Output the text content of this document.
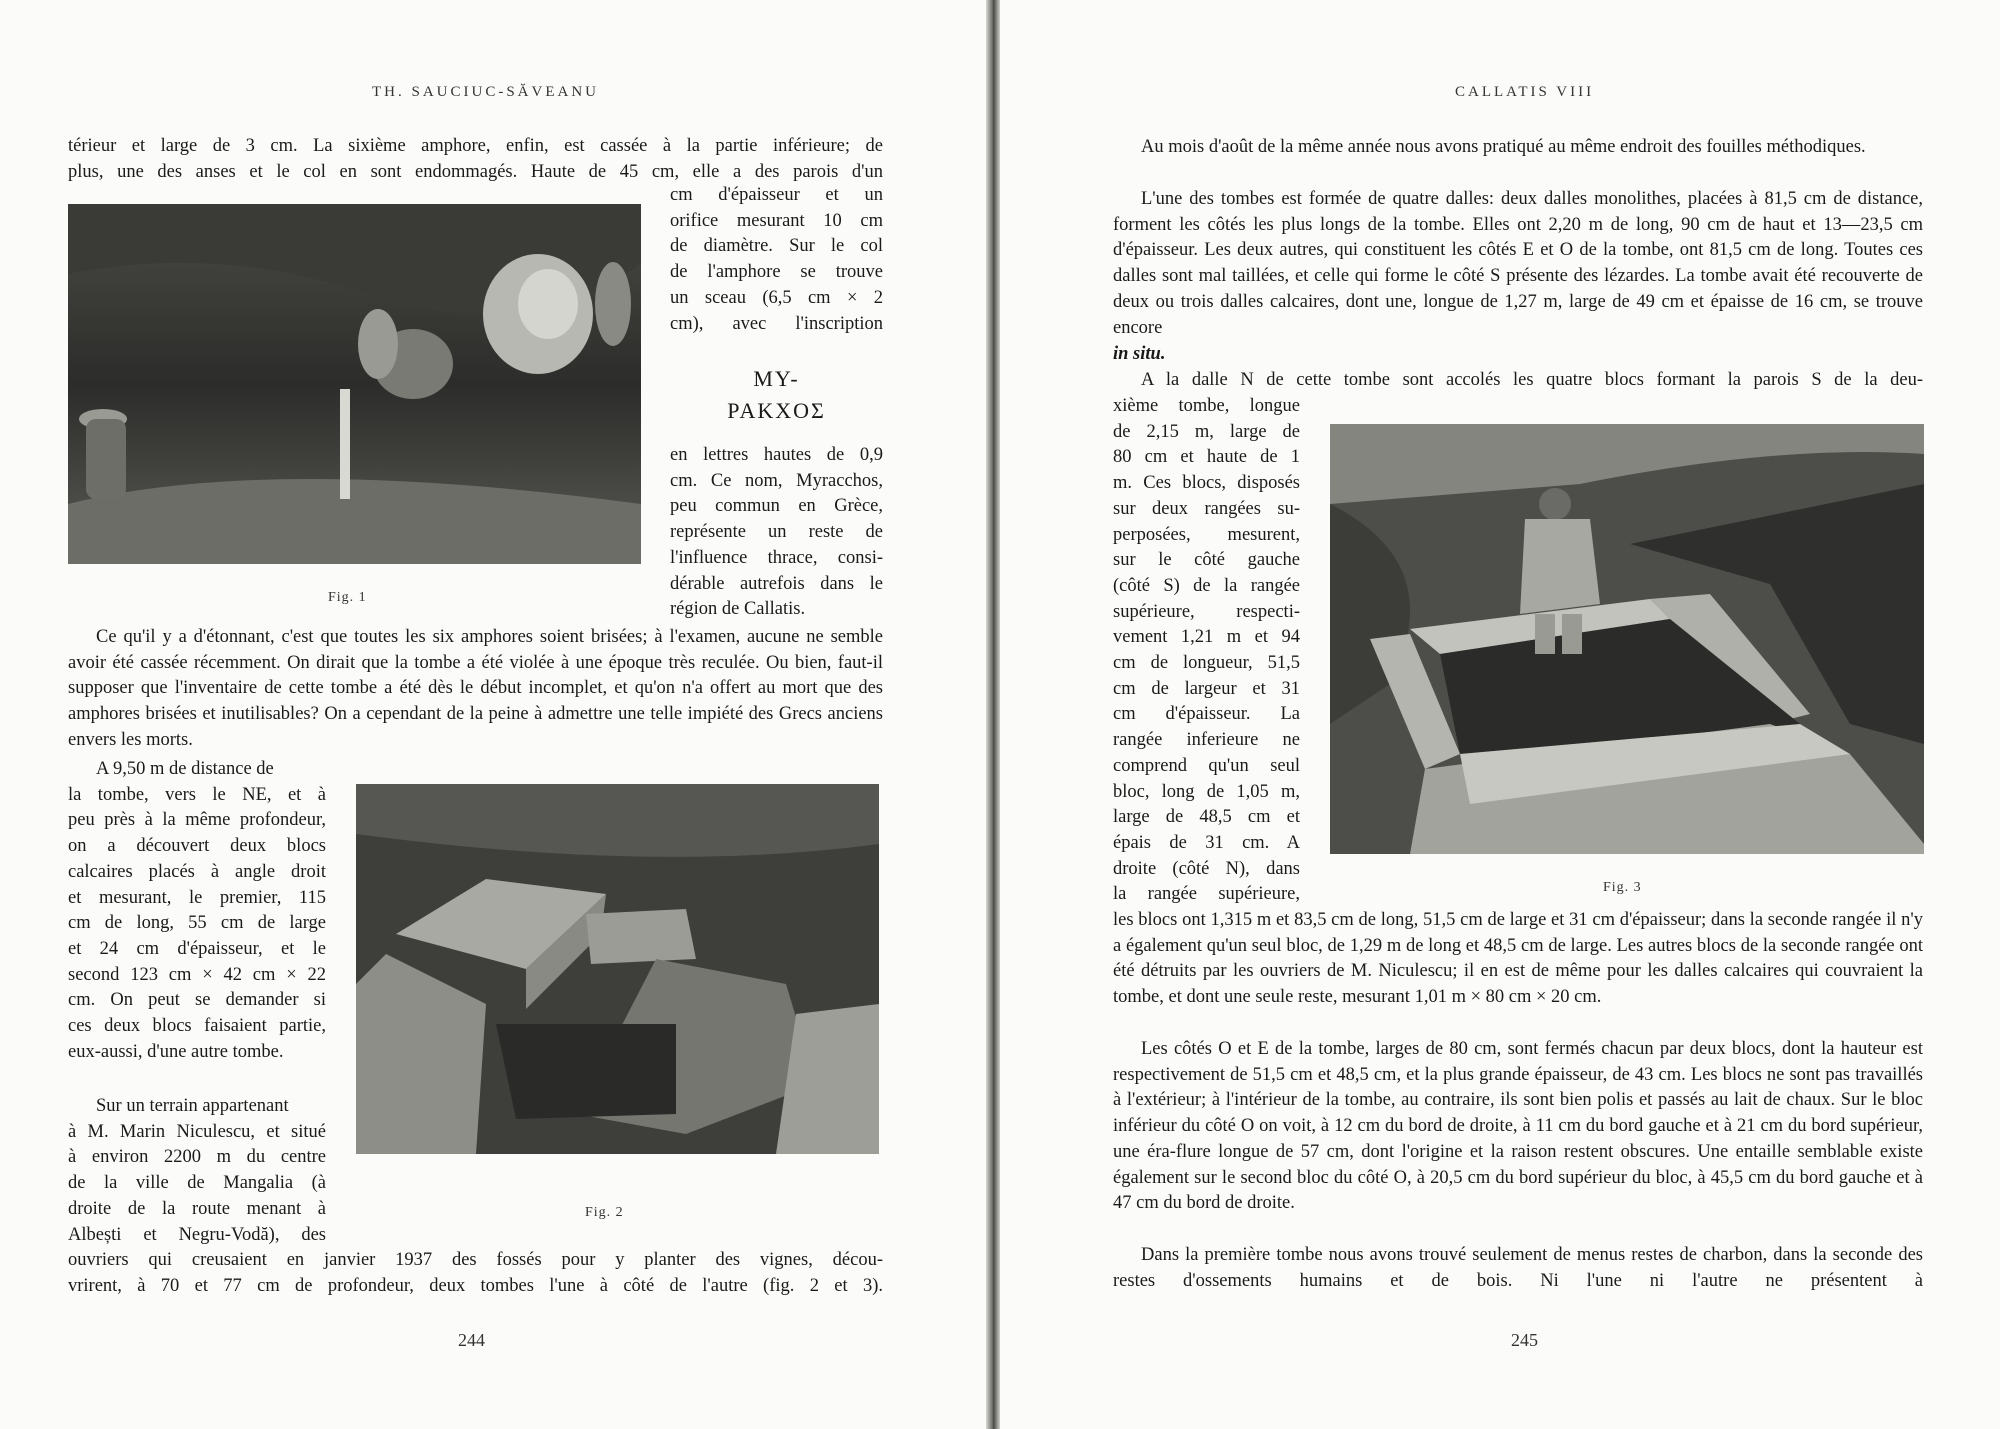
TH. SAUCIUC-SĂVEANU
térieur et large de 3 cm. La sixième amphore, enfin, est cassée à la partie inférieure; de
plus, une des anses et le col en sont endommagés. Haute de 45 cm, elle a des parois d'un
cm d'épaisseur et un
orifice mesurant 10 cm
de diamètre. Sur le col
de l'amphore se trouve
un sceau (6,5 cm × 2
cm), avec l'inscription
ΜΥ-
ΡΑΚΧΟΣ
en lettres hautes de 0,9
cm. Ce nom, Myracchos,
peu commun en Grèce,
représente un reste de
l'influence thrace, consi-
dérable autrefois dans le
région de Callatis.
Fig. 1

Ce qu'il y a d'étonnant, c'est que toutes les six amphores soient brisées; à l'examen, aucune ne semble avoir été cassée récemment. On dirait que la tombe a été violée à une époque très reculée. Ou bien, faut-il supposer que l'inventaire de cette tombe a été dès le début incomplet, et qu'on n'a offert au mort que des amphores brisées et inutilisables? On a cependant de la peine à admettre une telle impiété des Grecs anciens envers les morts.

A 9,50 m de distance de
la tombe, vers le NE, et à
peu près à la même profondeur,
on a découvert deux blocs
calcaires placés à angle droit
et mesurant, le premier, 115
cm de long, 55 cm de large
et 24 cm d'épaisseur, et le
second 123 cm × 42 cm × 22
cm. On peut se demander si
ces deux blocs faisaient partie,
eux-aussi, d'une autre tombe.
Sur un terrain appartenant
à M. Marin Niculescu, et situé
à environ 2200 m du centre
de la ville de Mangalia (à
droite de la route menant à
Albești et Negru-Vodă), des
Fig. 2
ouvriers qui creusaient en janvier 1937 des fossés pour y planter des vignes, décou-
vrirent, à 70 et 77 cm de profondeur, deux tombes l'une à côté de l'autre (fig. 2 et 3).
244
CALLATIS VIII

Au mois d'août de la même année nous avons pratiqué au même endroit des fouilles méthodiques.

L'une des tombes est formée de quatre dalles: deux dalles monolithes, placées à 81,5 cm de distance, forment les côtés les plus longs de la tombe. Elles ont 2,20 m de long, 90 cm de haut et 13—23,5 cm d'épaisseur. Les deux autres, qui constituent les côtés E et O de la tombe, ont 81,5 cm de long. Toutes ces dalles sont mal taillées, et celle qui forme le côté S présente des lézardes. La tombe avait été recouverte de deux ou trois dalles calcaires, dont une, longue de 1,27 m, large de 49 cm et épaisse de 16 cm, se trouve encore

in situ.
A la dalle N de cette tombe sont accolés les quatre blocs formant la parois S de la deu-
xième tombe, longue
de 2,15 m, large de
80 cm et haute de 1
m. Ces blocs, disposés
sur deux rangées su-
perposées, mesurent,
sur le côté gauche
(côté S) de la rangée
supérieure, respecti-
vement 1,21 m et 94
cm de longueur, 51,5
cm de largeur et 31
cm d'épaisseur. La
rangée inferieure ne
comprend qu'un seul
bloc, long de 1,05 m,
large de 48,5 cm et
épais de 31 cm. A
droite (côté N), dans
la rangée supérieure,	Fig. 3

les blocs ont 1,315 m et 83,5 cm de long, 51,5 cm de large et 31 cm d'épaisseur; dans la seconde rangée il n'y a également qu'un seul bloc, de 1,29 m de long et 48,5 cm de large. Les autres blocs de la seconde rangée ont été détruits par les ouvriers de M. Niculescu; il en est de même pour les dalles calcaires qui couvraient la tombe, et dont une seule reste, mesurant 1,01 m × 80 cm × 20 cm.

Les côtés O et E de la tombe, larges de 80 cm, sont fermés chacun par deux blocs, dont la hauteur est respectivement de 51,5 cm et 48,5 cm, et la plus grande épaisseur, de 43 cm. Les blocs ne sont pas travaillés à l'extérieur; à l'intérieur de la tombe, au contraire, ils sont bien polis et passés au lait de chaux. Sur le bloc inférieur du côté O on voit, à 12 cm du bord de droite, à 11 cm du bord gauche et à 21 cm du bord supérieur, une éra-flure longue de 57 cm, dont l'origine et la raison restent obscures. Une entaille semblable existe également sur le second bloc du côté O, à 20,5 cm du bord supérieur du bloc, à 45,5 cm du bord gauche et à 47 cm du bord de droite.

Dans la première tombe nous avons trouvé seulement de menus restes de charbon, dans la seconde des restes d'ossements humains et de bois. Ni l'une ni l'autre ne présentent à

245
